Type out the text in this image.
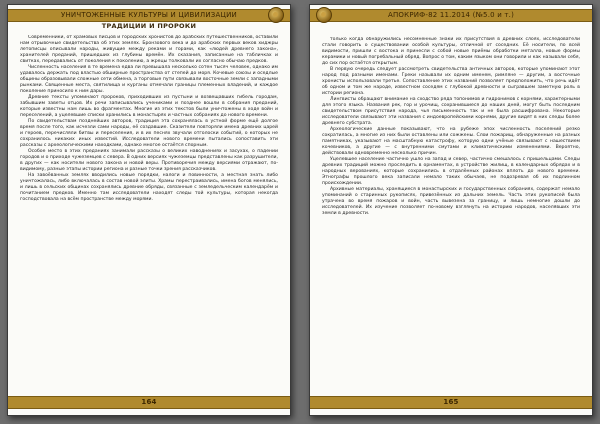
УНИЧТОЖЕННЫЕ КУЛЬТУРЫ И ЦИВИЛИЗАЦИИ
ТРАДИЦИИ И ПРОРОКИ

Современники, от храмовых писцов и городских хронистов до арабских путешественников, оставили нам отрывочные свидетельства об этих землях. Бронзового века и до арабских первых веков хиджры летописцы описывали народы, живущие между реками и горами, как «людей древнего закона», хранителей преданий, пришедших из глубины времён. Их сказания, записанные на табличках и свитках, передавались от поколения к поколению, а жрецы толковали их согласно обычаю предков.

Численность населения в те времена едва ли превышала несколько сотен тысяч человек, однако им удавалось держать под властью обширные пространства от степей до моря. Кочевые союзы и оседлые общины образовывали сложные сети обмена, а торговые пути связывали восточные земли с западными рынками. Священные места, святилища и курганы отмечали границы племенных владений, и каждое поколение приносило к ним дары.

Древние тексты упоминают пророков, приходивших из пустыни и возвещавших гибель городам, забывшим заветы отцов. Их речи записывались учениками и позднее вошли в собрания преданий, которые известны нам лишь во фрагментах. Многие из этих текстов были уничтожены в ходе войн и переселений, а уцелевшие списки хранились в монастырях и частных собраниях до нового времени.

По свидетельствам позднейших авторов, традиция эта сохранялась в устной форме ещё долгое время после того, как исчезли сами народы, её создавшие. Сказители повторяли имена древних царей и героев, перечисляли битвы и переселения, и в их песнях звучали отголоски событий, о которых не сохранилось никаких иных известий. Исследователи нового времени пытались сопоставить эти рассказы с археологическими находками, однако многое остаётся спорным.

Особое место в этих преданиях занимали рассказы о великих наводнениях и засухах, о падении городов и о приходе чужеземцев с севера. В одних версиях чужеземцы представлены как разрушители, в других — как носители нового закона и новой веры. Противоречия между версиями отражают, по-видимому, разные этапы истории региона и разные точки зрения рассказчиков.

На завоёванных землях вводились новые порядки, налоги и повинности, а местная знать либо уничтожалась, либо включалась в состав новой элиты. Храмы перестраивались, имена богов менялись, и лишь в сельских общинах сохранялись древние обряды, связанные с земледельческим календарём и почитанием предков. Именно там исследователи находят следы той культуры, которая некогда господствовала на всём пространстве между морями.

164
АПОКРИФ-82 11.2014 (№5.0 и т.)

только когда обнаружились несомненные знаки их присутствия в древних слоях, исследователи стали говорить о существовании особой культуры, отличной от соседних. Её носители, по всей видимости, пришли с востока и принесли с собой новые приёмы обработки металла, новые формы керамики и новый погребальный обряд. Вопрос о том, каким языком они говорили и как называли себя, до сих пор остаётся открытым.

В первую очередь следует рассмотреть свидетельства античных авторов, которые упоминают этот народ под разными именами. Греки называли их одним именем, римляне — другим, а восточные хронисты использовали третье. Сопоставление этих названий позволяет предположить, что речь идёт об одном и том же народе, известном соседям с глубокой древности и сыгравшем заметную роль в истории региона.

Лингвисты обращают внимание на сходство ряда топонимов и гидронимов с корнями, характерными для этого языка. Названия рек, гор и урочищ, сохранившиеся до наших дней, могут быть последним свидетельством присутствия народа, чья письменность так и не была расшифрована. Некоторые исследователи связывают эти названия с индоевропейскими корнями, другие видят в них следы более древнего субстрата.

Археологические данные показывают, что на рубеже эпох численность поселений резко сократилась, а многие из них были оставлены или сожжены. Слои пожарищ, обнаруженные на разных памятниках, указывают на масштабную катастрофу, которую одни учёные связывают с нашествием кочевников, а другие — с внутренними смутами и климатическими изменениями. Вероятно, действовали одновременно несколько причин.

Уцелевшее население частично ушло на запад и север, частично смешалось с пришельцами. Следы древних традиций можно проследить в орнаментах, в устройстве жилищ, в календарных обрядах и в народных верованиях, которые сохранились в отдалённых районах вплоть до нового времени. Этнографы прошлого века записали немало таких обычаев, не подозревая об их подлинном происхождении.

Архивные материалы, хранящиеся в монастырских и государственных собраниях, содержат немало упоминаний о старинных рукописях, привезённых из дальних земель. Часть этих рукописей была утрачена во время пожаров и войн, часть вывезена за границу, и лишь немногие дошли до исследователей. Их изучение позволяет по-новому взглянуть на историю народов, населявших эти земли в древности.

165
